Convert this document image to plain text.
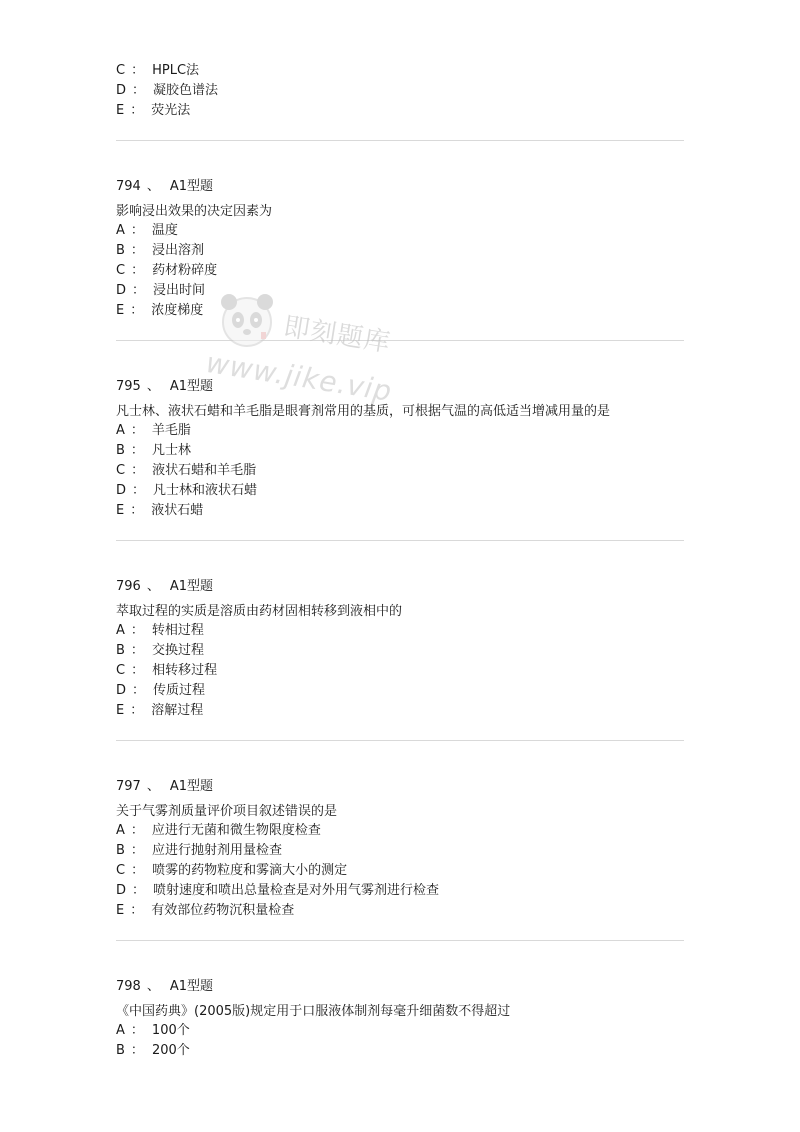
C ： HPLC法
D ： 凝胶色谱法
E ： 荧光法
794 、 A1型题
影响浸出效果的决定因素为
A ： 温度
B ： 浸出溶剂
C ： 药材粉碎度
D ： 浸出时间
E ： 浓度梯度
795 、 A1型题
凡士林、液状石蜡和羊毛脂是眼膏剂常用的基质，可根据气温的高低适当增减用量的是
A ： 羊毛脂
B ： 凡士林
C ： 液状石蜡和羊毛脂
D ： 凡士林和液状石蜡
E ： 液状石蜡
796 、 A1型题
萃取过程的实质是溶质由药材固相转移到液相中的
A ： 转相过程
B ： 交换过程
C ： 相转移过程
D ： 传质过程
E ： 溶解过程
797 、 A1型题
关于气雾剂质量评价项目叙述错误的是
A ： 应进行无菌和微生物限度检查
B ： 应进行抛射剂用量检查
C ： 喷雾的药物粒度和雾滴大小的测定
D ： 喷射速度和喷出总量检查是对外用气雾剂进行检查
E ： 有效部位药物沉积量检查
798 、 A1型题
《中国药典》(2005版)规定用于口服液体制剂每毫升细菌数不得超过
A ： 100个
B ： 200个
即刻题库
www.jike.vip
